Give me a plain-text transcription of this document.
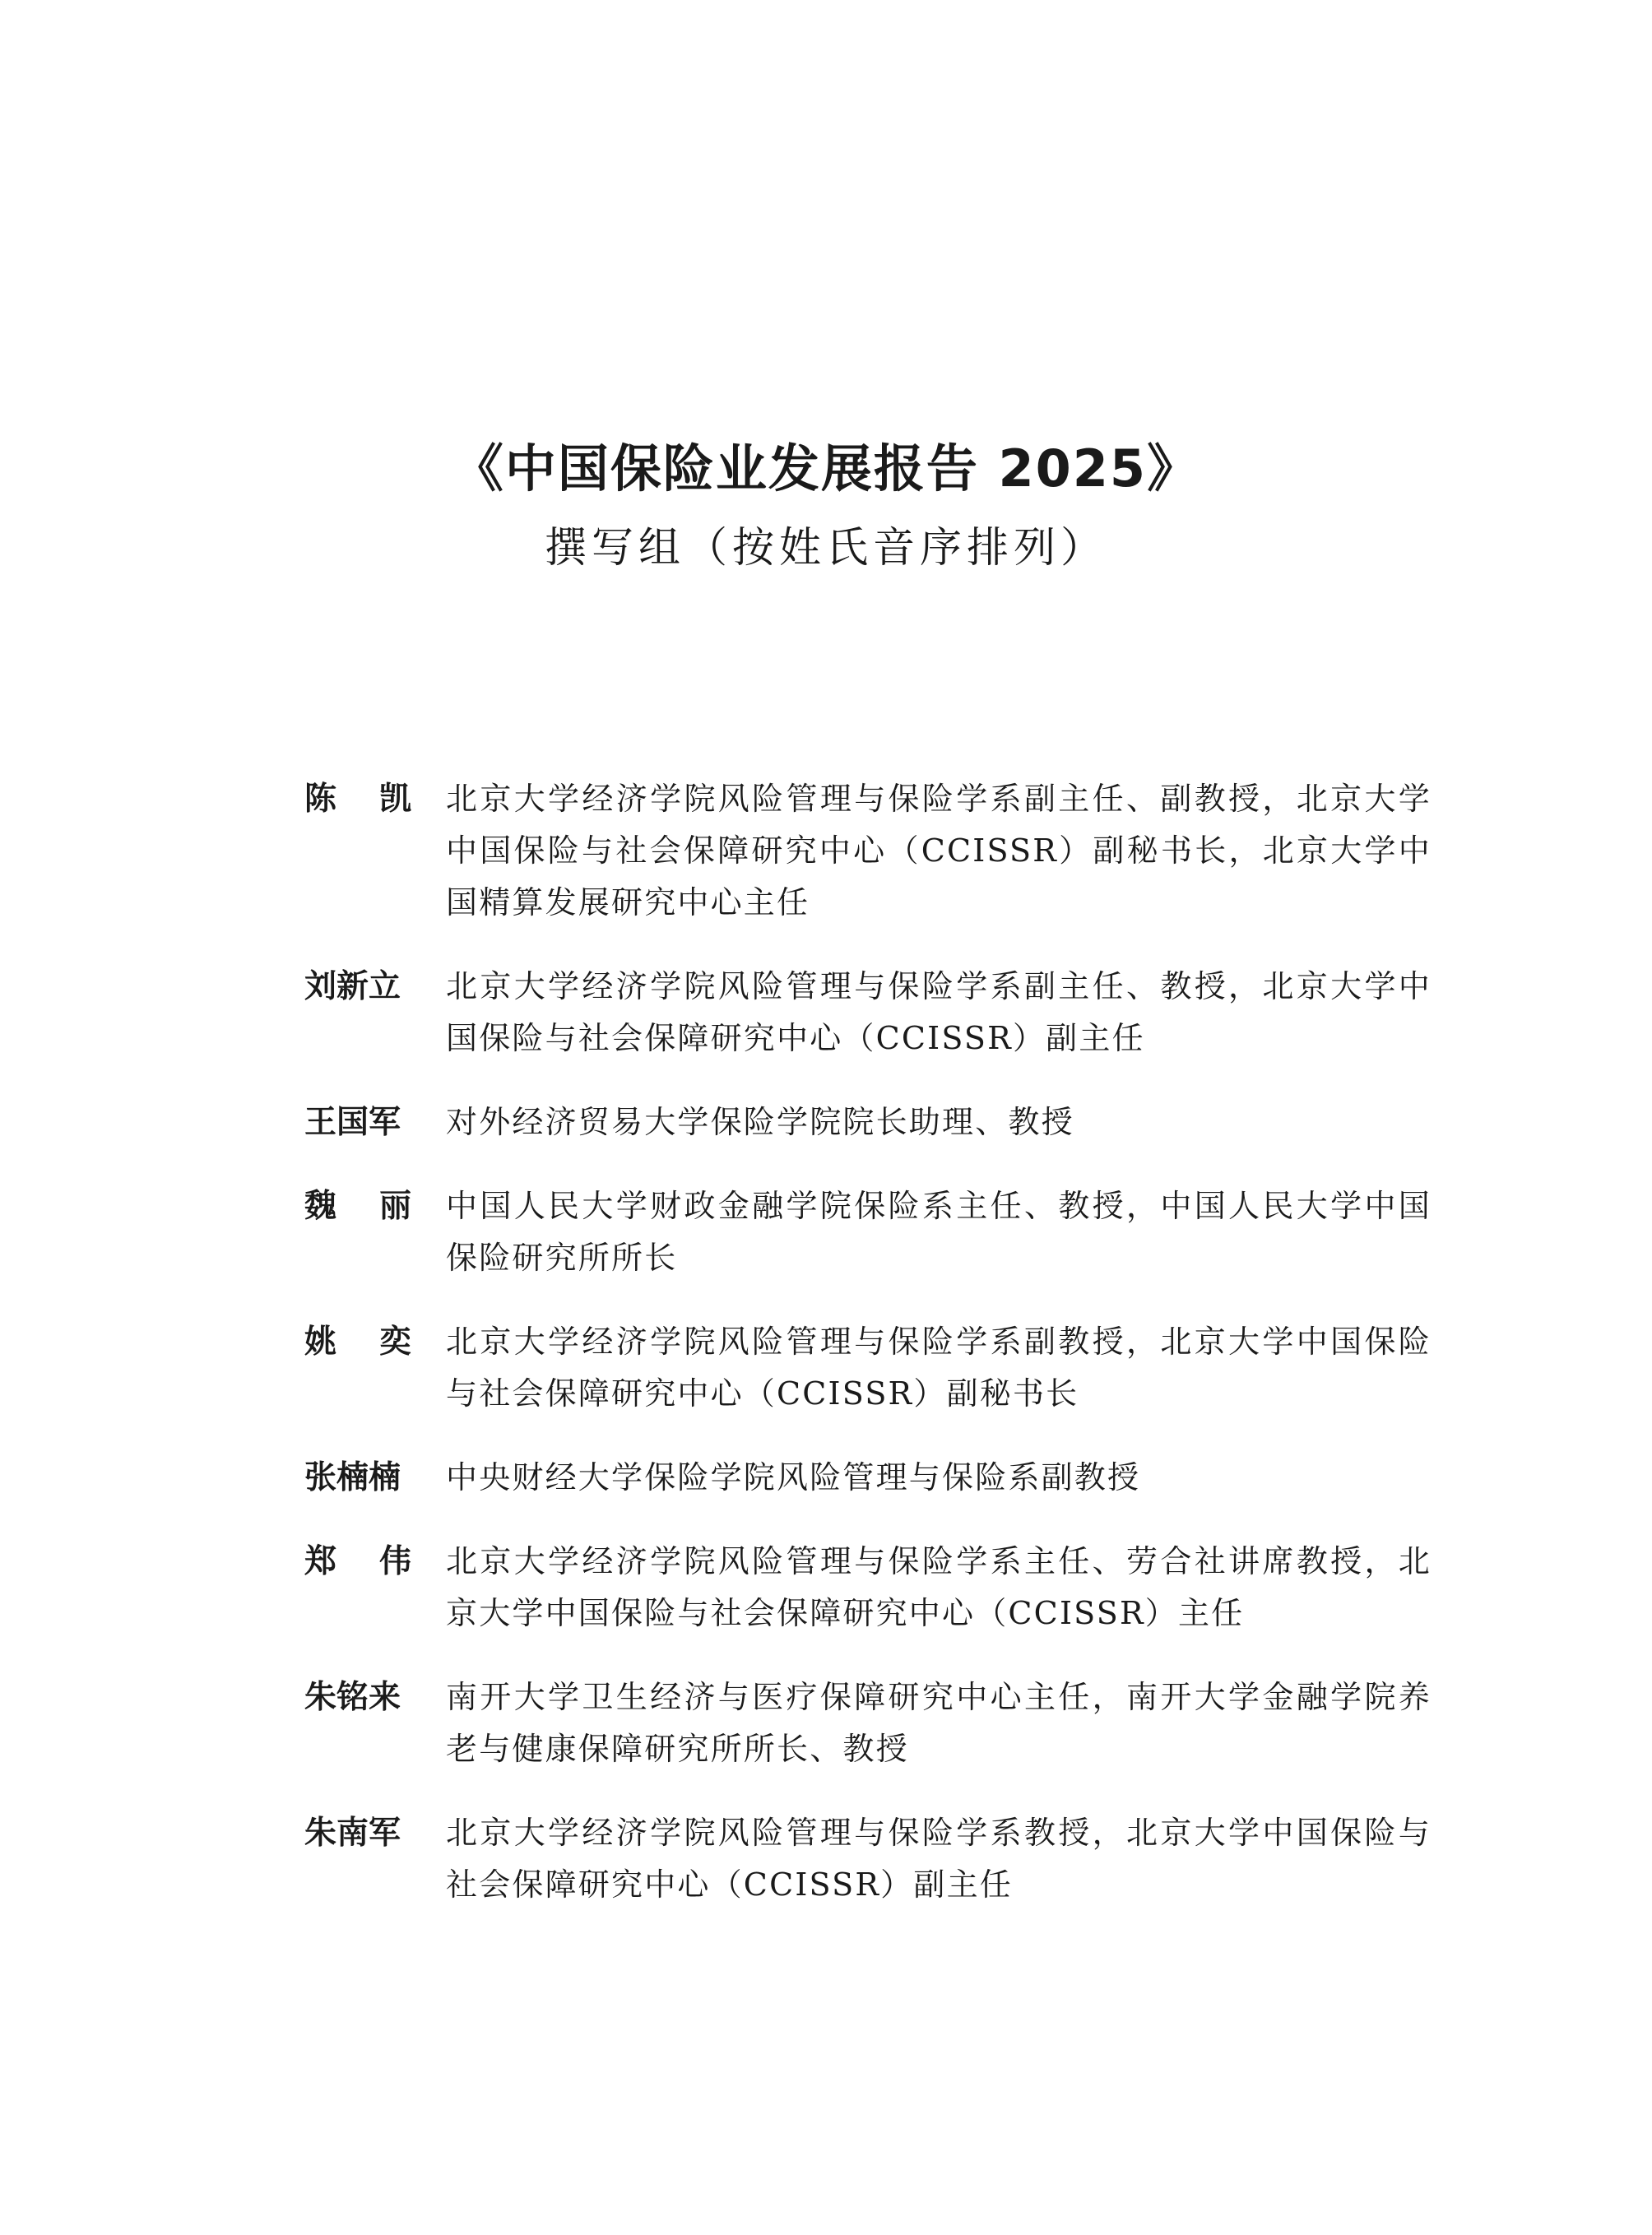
《中国保险业发展报告 2025》
撰写组（按姓氏音序排列）
陈 凯 北京大学经济学院风险管理与保险学系副主任、副教授，北京大学中国保险与社会保障研究中心（CCISSR）副秘书长，北京大学中国精算发展研究中心主任
刘新立 北京大学经济学院风险管理与保险学系副主任、教授，北京大学中国保险与社会保障研究中心（CCISSR）副主任
王国军 对外经济贸易大学保险学院院长助理、教授
魏 丽 中国人民大学财政金融学院保险系主任、教授，中国人民大学中国保险研究所所长
姚 奕 北京大学经济学院风险管理与保险学系副教授，北京大学中国保险与社会保障研究中心（CCISSR）副秘书长
张楠楠 中央财经大学保险学院风险管理与保险系副教授
郑 伟 北京大学经济学院风险管理与保险学系主任、劳合社讲席教授，北京大学中国保险与社会保障研究中心（CCISSR）主任
朱铭来 南开大学卫生经济与医疗保障研究中心主任，南开大学金融学院养老与健康保障研究所所长、教授
朱南军 北京大学经济学院风险管理与保险学系教授，北京大学中国保险与社会保障研究中心（CCISSR）副主任
